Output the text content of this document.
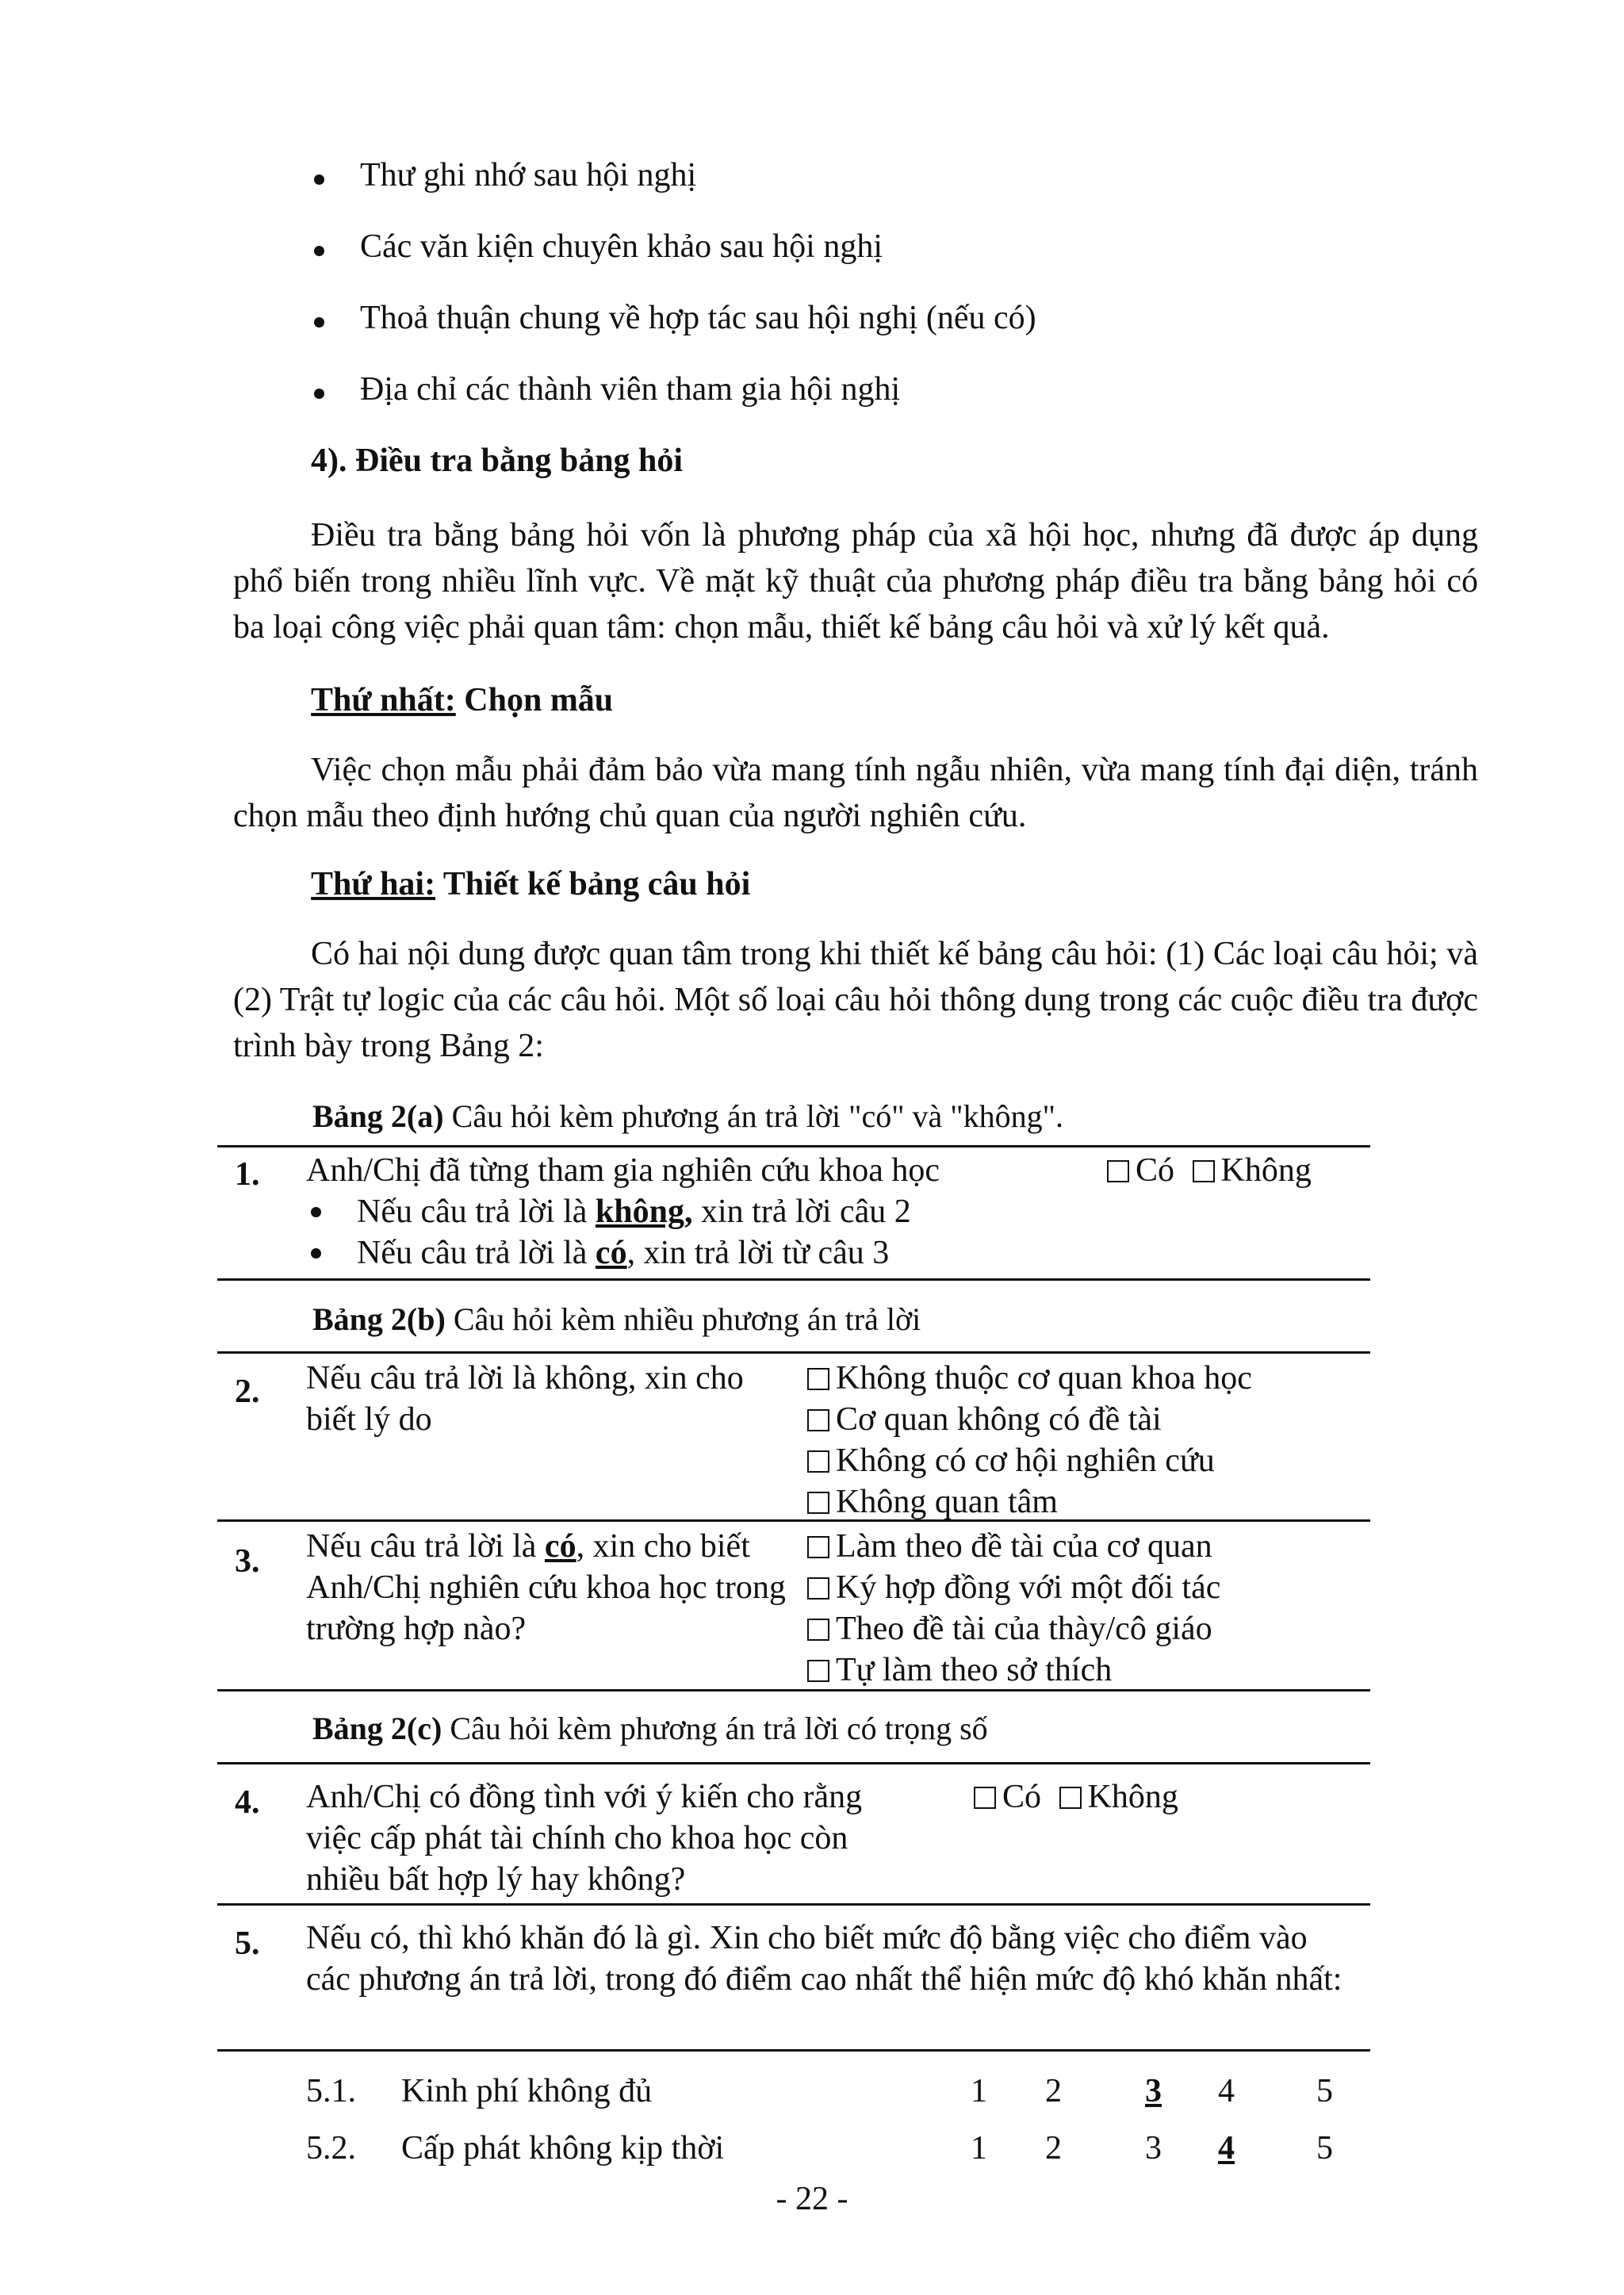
Thư ghi nhớ sau hội nghị
Các văn kiện chuyên khảo sau hội nghị
Thoả thuận chung về hợp tác sau hội nghị (nếu có)
Địa chỉ các thành viên tham gia hội nghị
4). Điều tra bằng bảng hỏi

Điều tra bằng bảng hỏi vốn là phương pháp của xã hội học, nhưng đã được áp dụng phổ biến trong nhiều lĩnh vực. Về mặt kỹ thuật của phương pháp điều tra bằng bảng hỏi có ba loại công việc phải quan tâm: chọn mẫu, thiết kế bảng câu hỏi và xử lý kết quả.

Thứ nhất: Chọn mẫu

Việc chọn mẫu phải đảm bảo vừa mang tính ngẫu nhiên, vừa mang tính đại diện, tránh chọn mẫu theo định hướng chủ quan của người nghiên cứu.

Thứ hai: Thiết kế bảng câu hỏi

Có hai nội dung được quan tâm trong khi thiết kế bảng câu hỏi: (1) Các loại câu hỏi; và (2) Trật tự logic của các câu hỏi. Một số loại câu hỏi thông dụng trong các cuộc điều tra được trình bày trong Bảng 2:

Bảng 2(a) Câu hỏi kèm phương án trả lời "có" và "không".
1. Anh/Chị đã từng tham gia nghiên cứu khoa học
Nếu câu trả lời là không, xin trả lời câu 2
Nếu câu trả lời là có, xin trả lời từ câu 3
Có Không
Bảng 2(b) Câu hỏi kèm nhiều phương án trả lời
2. Nếu câu trả lời là không, xin cho biết lý do
Không thuộc cơ quan khoa học
Cơ quan không có đề tài
Không có cơ hội nghiên cứu
Không quan tâm
3. Nếu câu trả lời là có, xin cho biết Anh/Chị nghiên cứu khoa học trong trường hợp nào?
Làm theo đề tài của cơ quan
Ký hợp đồng với một đối tác
Theo đề tài của thày/cô giáo
Tự làm theo sở thích
Bảng 2(c) Câu hỏi kèm phương án trả lời có trọng số
4. Anh/Chị có đồng tình với ý kiến cho rằng việc cấp phát tài chính cho khoa học còn nhiều bất hợp lý hay không?
Có Không
5. Nếu có, thì khó khăn đó là gì. Xin cho biết mức độ bằng việc cho điểm vào các phương án trả lời, trong đó điểm cao nhất thể hiện mức độ khó khăn nhất:
5.1. Kinh phí không đủ	1 2	3 4 5
5.2. Cấp phát không kịp thời	1 2	3 4 5
- 22 -
